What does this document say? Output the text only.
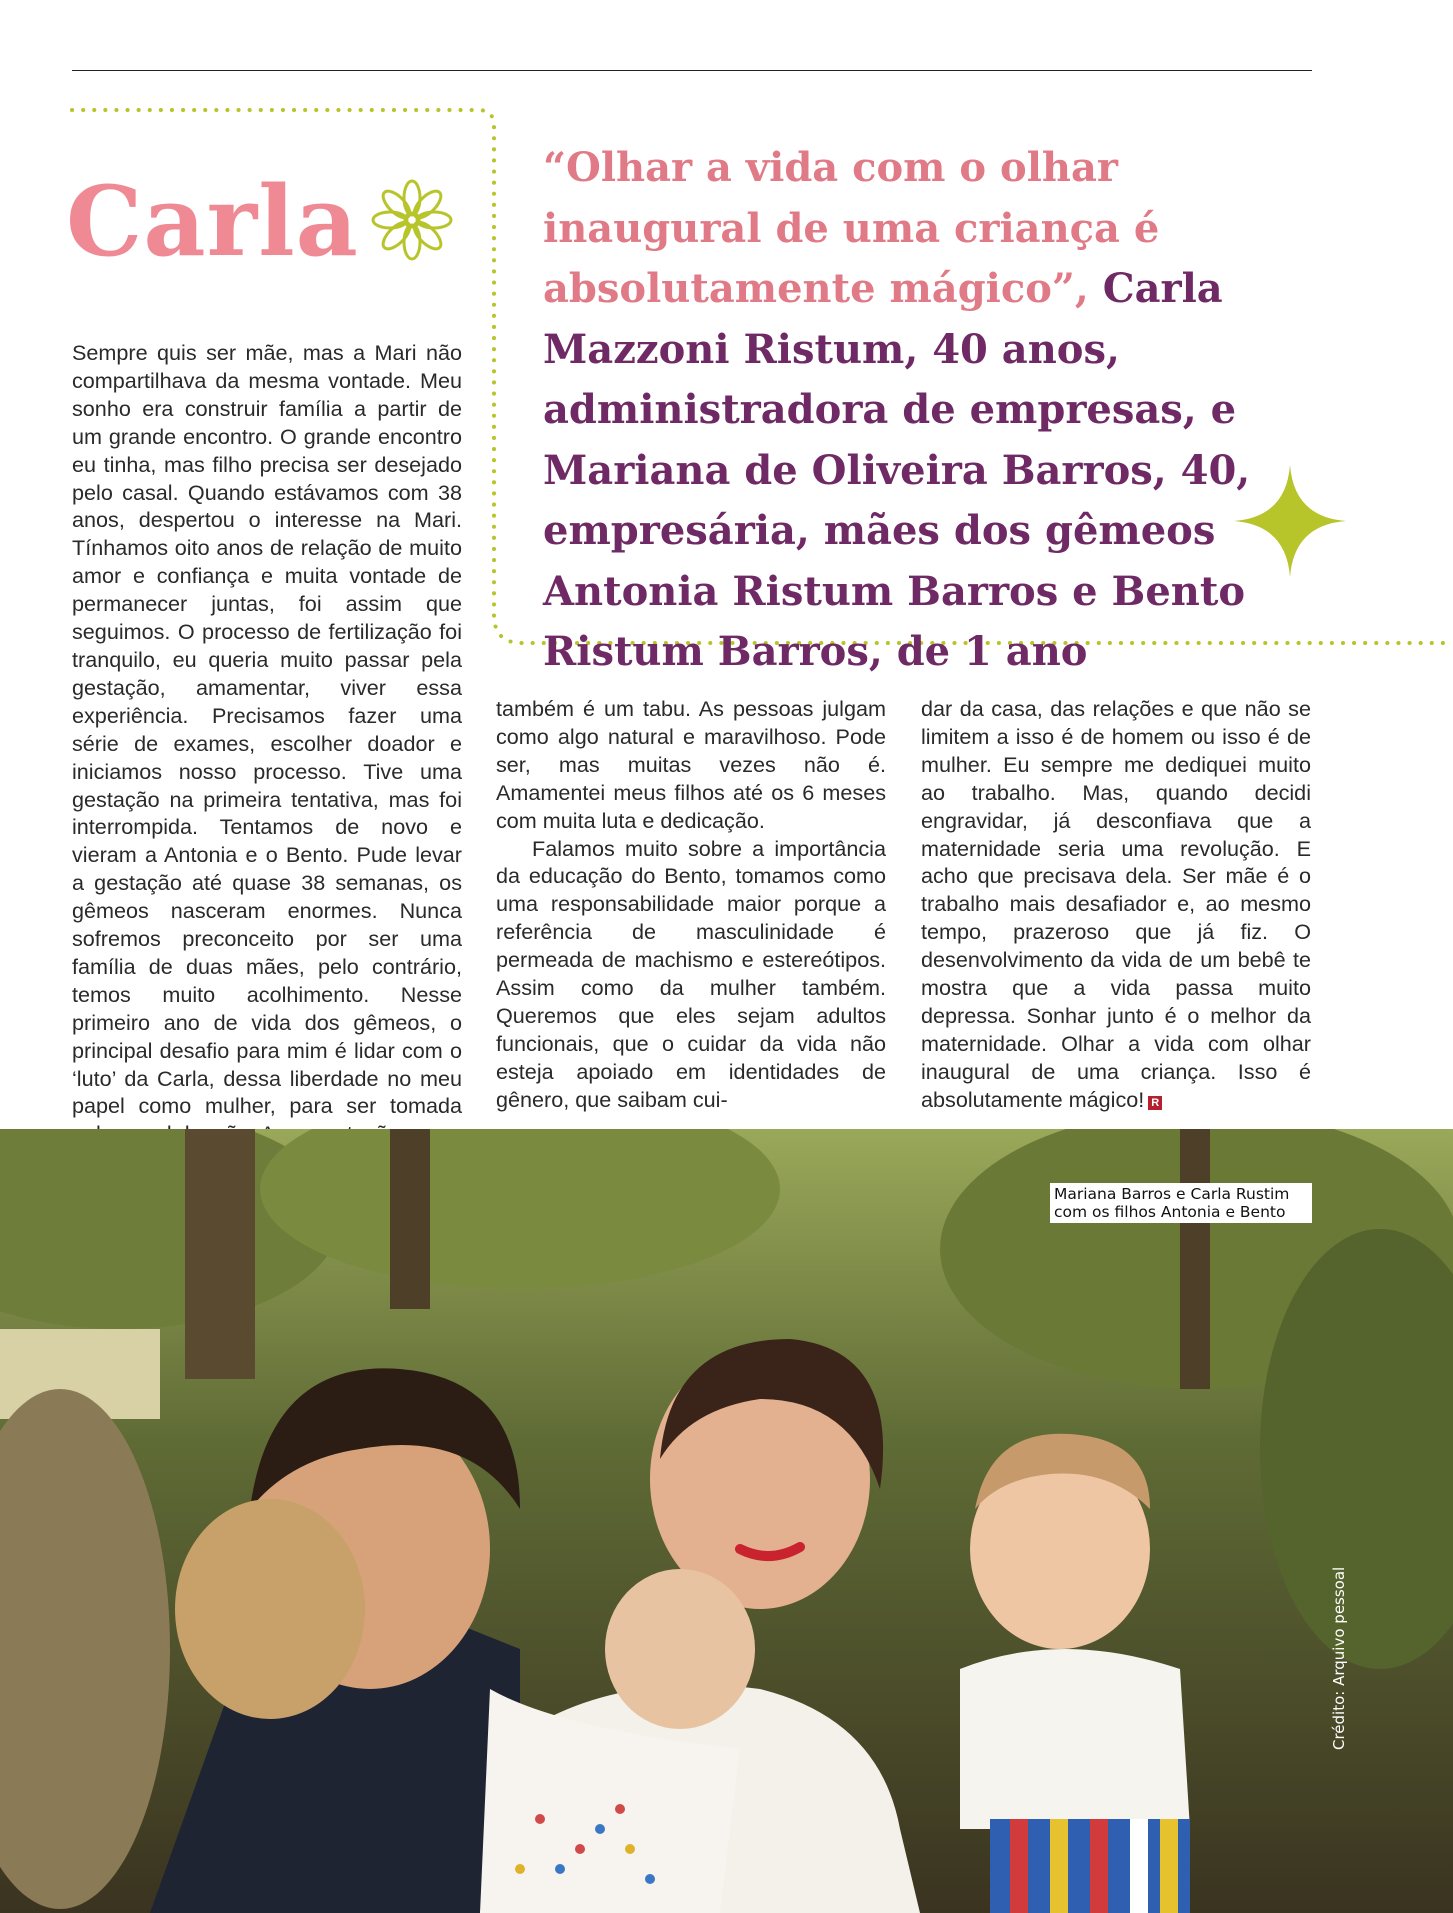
Carla	“Olhar a vida com o olhar inaugural de uma criança é absolutamente mágico”, Carla Mazzoni Ristum, 40 anos, administradora de empresas, e Mariana de Oliveira Barros, 40, empresária, mães dos gêmeos Antonia Ristum Barros e Bento Ristum Barros, de 1 ano

Sempre quis ser mãe, mas a Mari não compartilhava da mesma vontade. Meu sonho era construir família a partir de um grande encontro. O grande encontro eu tinha, mas filho precisa ser desejado pelo casal. Quando estávamos com 38 anos, despertou o interesse na Mari. Tínhamos oito anos de relação de muito amor e confiança e muita vontade de permanecer juntas, foi assim que seguimos. O processo de fertilização foi tranquilo, eu queria muito passar pela gestação, amamentar, viver essa experiência. Precisamos fazer uma série de exames, escolher doador e iniciamos nosso processo. Tive uma gestação na primeira tentativa, mas foi interrompida. Tentamos de novo e vieram a Antonia e o Bento. Pude levar a gestação até quase 38 semanas, os gêmeos nasceram enormes. Nunca sofremos preconceito por ser uma família de duas mães, pelo contrário, temos muito acolhimento. Nesse primeiro ano de vida dos gêmeos, o principal desafio para mim é lidar com o ‘luto’ da Carla, dessa liberdade no meu papel como mulher, para ser tomada

também é um tabu. As pessoas julgam como algo natural e maravilhoso. Pode ser, mas muitas vezes não é. Amamentei meus filhos até os 6 meses com muita luta e dedicação.

Falamos muito sobre a importância da educação do Bento, tomamos como uma responsabilidade maior porque a referência de masculinidade é permeada de machismo e estereótipos. Assim como da mulher também. Queremos que eles sejam adultos funcionais, que o cuidar da vida não esteja apoiado em identidades de gênero, que saibam cui-

dar da casa, das relações e que não se limitem a isso é de homem ou isso é de mulher. Eu sempre me dediquei muito ao trabalho. Mas, quando decidi engravidar, já desconfiava que a maternidade seria uma revolução. E acho que precisava dela. Ser mãe é o trabalho mais desafiador e, ao mesmo tempo, prazeroso que já fiz. O desenvolvimento da vida de um bebê te mostra que a vida passa muito depressa. Sonhar junto é o melhor da maternidade. Olhar a vida com olhar inaugural de uma criança. Isso é absolutamente mágico! R

Mariana Barros e Carla Rustim
com os filhos Antonia e Bento
Crédito: Arquivo pessoal
